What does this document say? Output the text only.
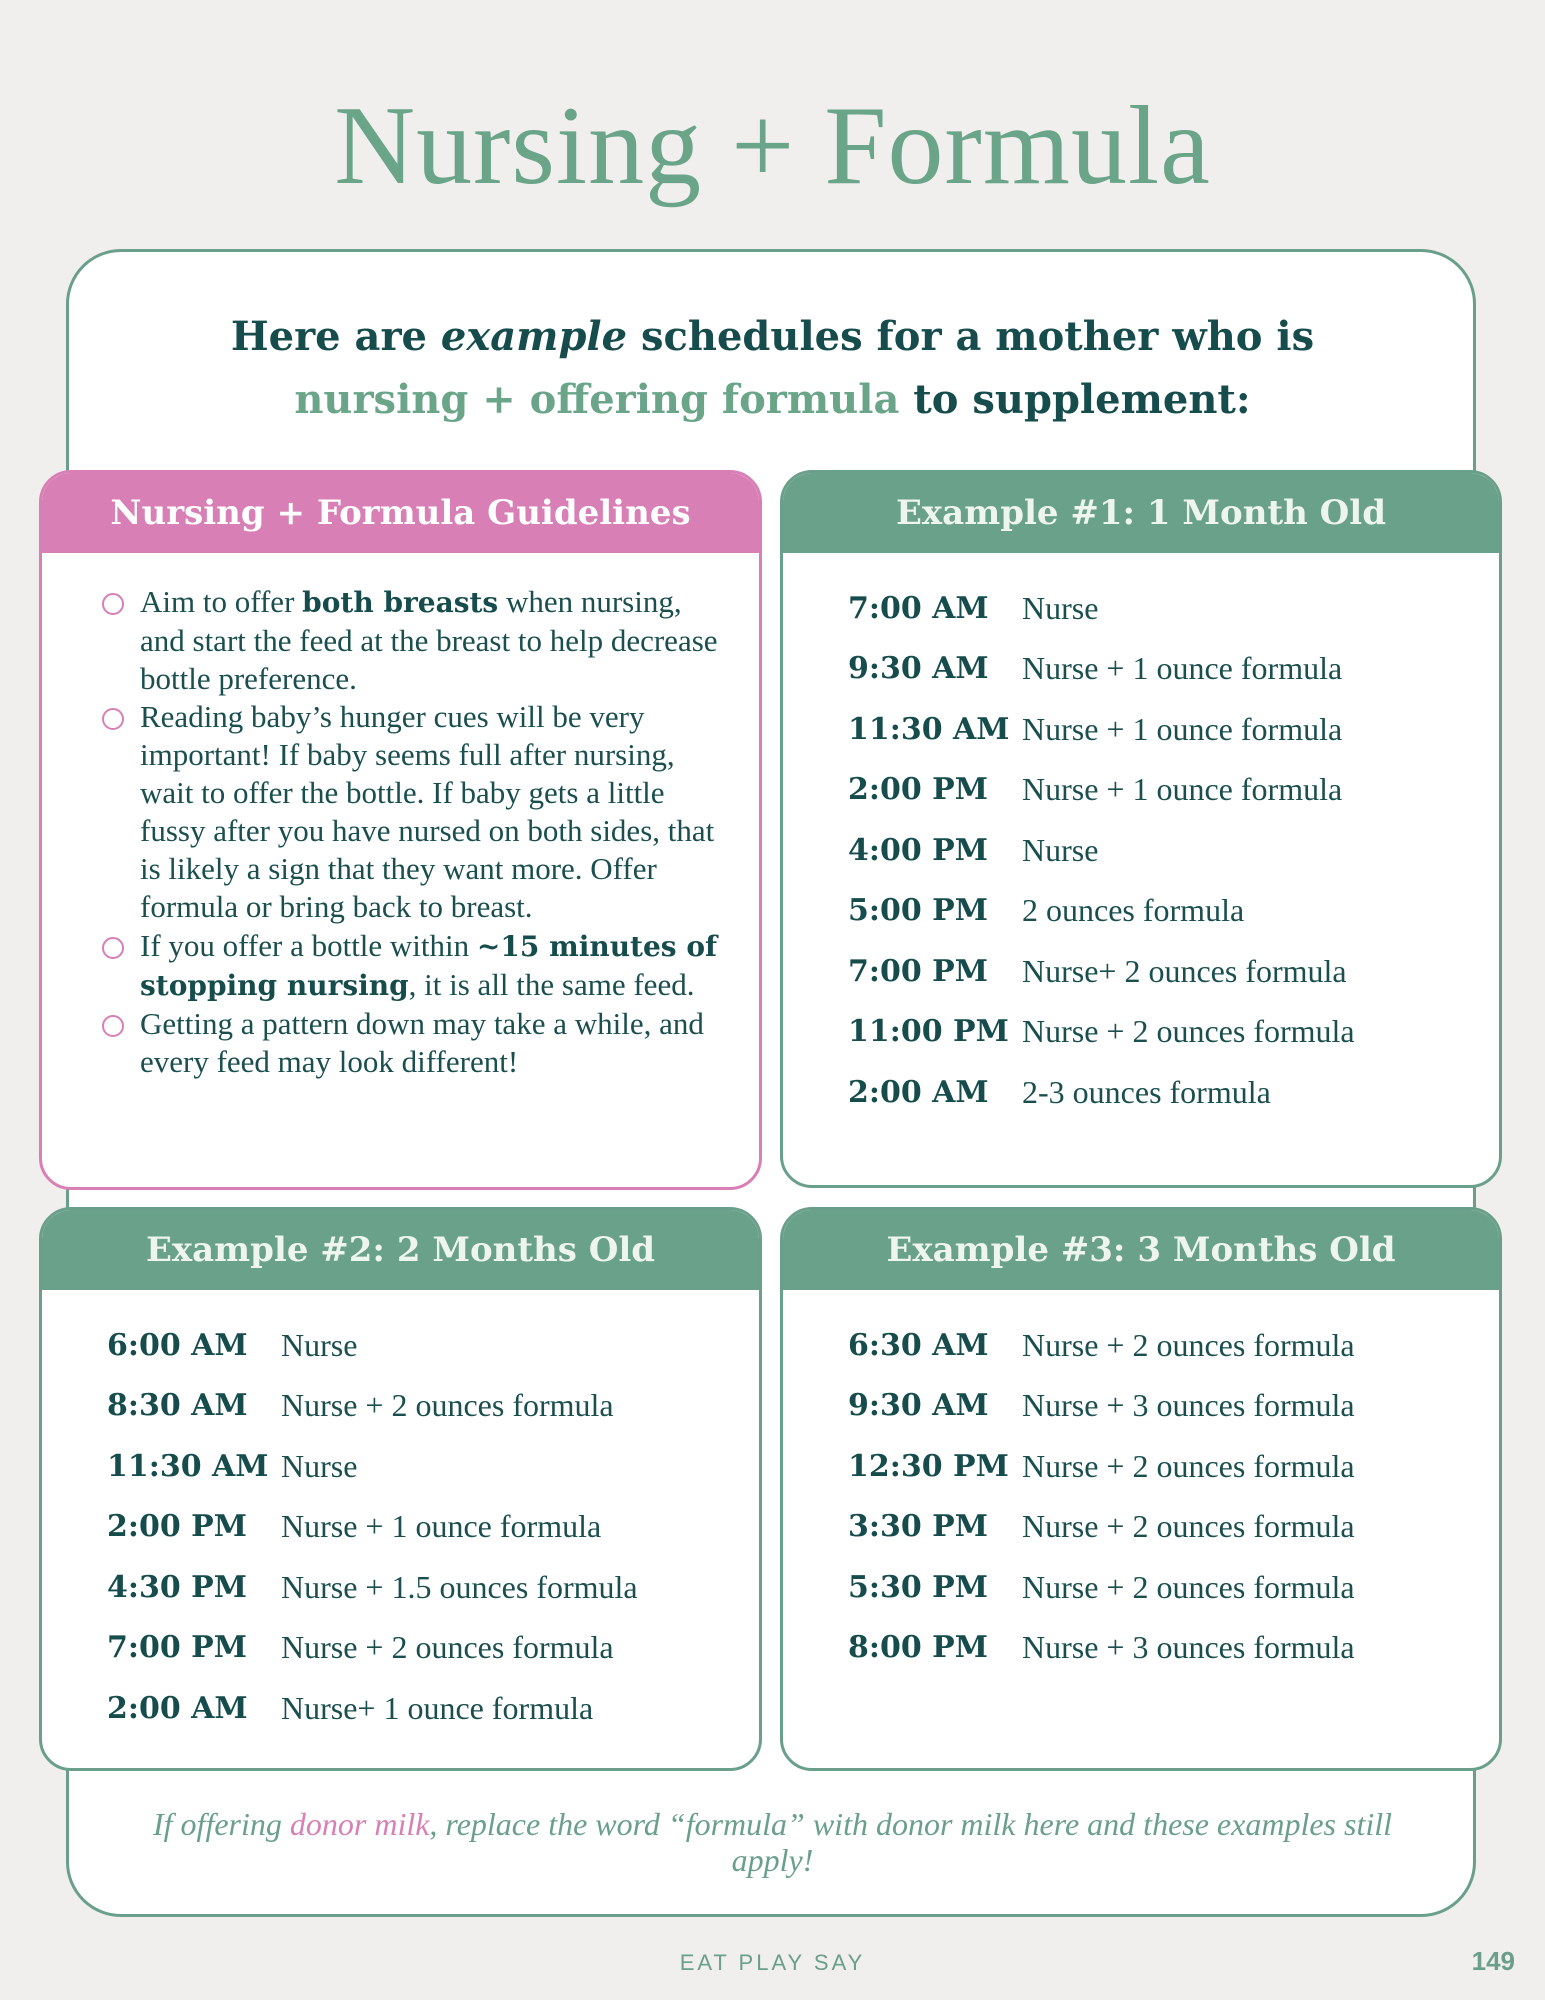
Nursing + Formula
Here are example schedules for a mother who is
nursing + offering formula to supplement:
Nursing + Formula Guidelines
Aim to offer both breasts when nursing, and start the feed at the breast to help decrease bottle preference.
Reading baby’s hunger cues will be very important! If baby seems full after nursing, wait to offer the bottle. If baby gets a little fussy after you have nursed on both sides, that is likely a sign that they want more. Offer formula or bring back to breast.
If you offer a bottle within ~15 minutes of stopping nursing, it is all the same feed.
Getting a pattern down may take a while, and every feed may look different!
Example #1: 1 Month Old
7:00 AM	Nurse
9:30 AM	Nurse + 1 ounce formula
11:30 AM Nurse + 1 ounce formula
2:00 PM	Nurse + 1 ounce formula
4:00 PM	Nurse
5:00 PM	2 ounces formula
7:00 PM	Nurse+ 2 ounces formula
11:00 PM Nurse + 2 ounces formula
2:00 AM	2-3 ounces formula
Example #2: 2 Months Old
6:00 AM	Nurse
8:30 AM	Nurse + 2 ounces formula
11:30 AM Nurse
2:00 PM	Nurse + 1 ounce formula
4:30 PM	Nurse + 1.5 ounces formula
7:00 PM	Nurse + 2 ounces formula
2:00 AM	Nurse+ 1 ounce formula
Example #3: 3 Months Old
6:30 AM	Nurse + 2 ounces formula
9:30 AM	Nurse + 3 ounces formula
12:30 PM Nurse + 2 ounces formula
3:30 PM	Nurse + 2 ounces formula
5:30 PM	Nurse + 2 ounces formula
8:00 PM	Nurse + 3 ounces formula
If offering donor milk, replace the word “formula” with donor milk here and these examples still apply!
EAT PLAY SAY	149
